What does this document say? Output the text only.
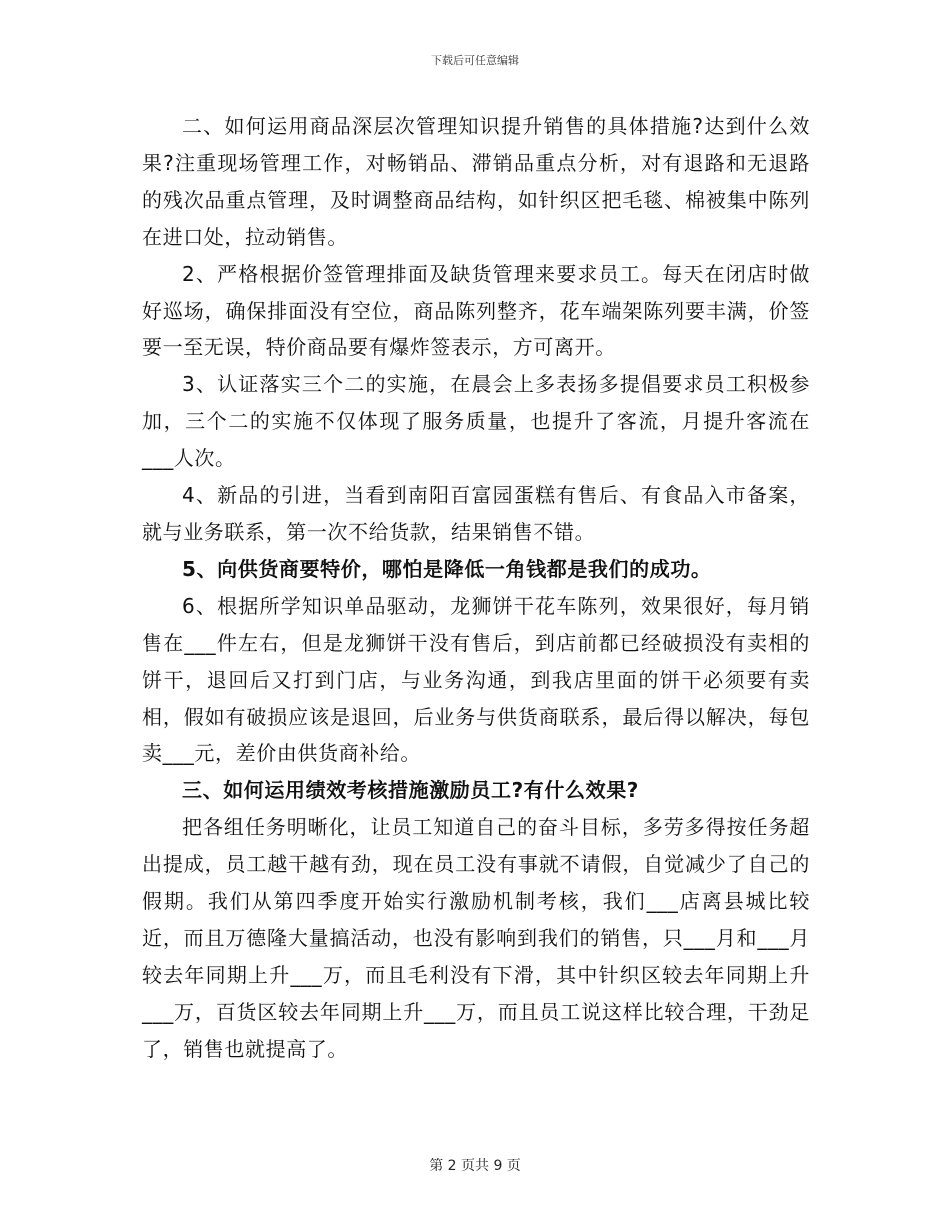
下载后可任意编辑

二、如何运用商品深层次管理知识提升销售的具体措施?达到什么效果?注重现场管理工作，对畅销品、滞销品重点分析，对有退路和无退路的残次品重点管理，及时调整商品结构，如针织区把毛毯、棉被集中陈列在进口处，拉动销售。

2、严格根据价签管理排面及缺货管理来要求员工。每天在闭店时做好巡场，确保排面没有空位，商品陈列整齐，花车端架陈列要丰满，价签要一至无误，特价商品要有爆炸签表示，方可离开。

3、认证落实三个二的实施，在晨会上多表扬多提倡要求员工积极参加，三个二的实施不仅体现了服务质量，也提升了客流，月提升客流在___人次。

4、新品的引进，当看到南阳百富园蛋糕有售后、有食品入市备案，就与业务联系，第一次不给货款，结果销售不错。

5、向供货商要特价，哪怕是降低一角钱都是我们的成功。

6、根据所学知识单品驱动，龙狮饼干花车陈列，效果很好，每月销售在___件左右，但是龙狮饼干没有售后，到店前都已经破损没有卖相的饼干，退回后又打到门店，与业务沟通，到我店里面的饼干必须要有卖相，假如有破损应该是退回，后业务与供货商联系，最后得以解决，每包卖___元，差价由供货商补给。

三、如何运用绩效考核措施激励员工?有什么效果?

把各组任务明晰化，让员工知道自己的奋斗目标，多劳多得按任务超出提成，员工越干越有劲，现在员工没有事就不请假，自觉减少了自己的假期。我们从第四季度开始实行激励机制考核，我们___店离县城比较近，而且万德隆大量搞活动，也没有影响到我们的销售，只___月和___月较去年同期上升___万，而且毛利没有下滑，其中针织区较去年同期上升___万，百货区较去年同期上升___万，而且员工说这样比较合理，干劲足了，销售也就提高了。

第 2 页共 9 页
